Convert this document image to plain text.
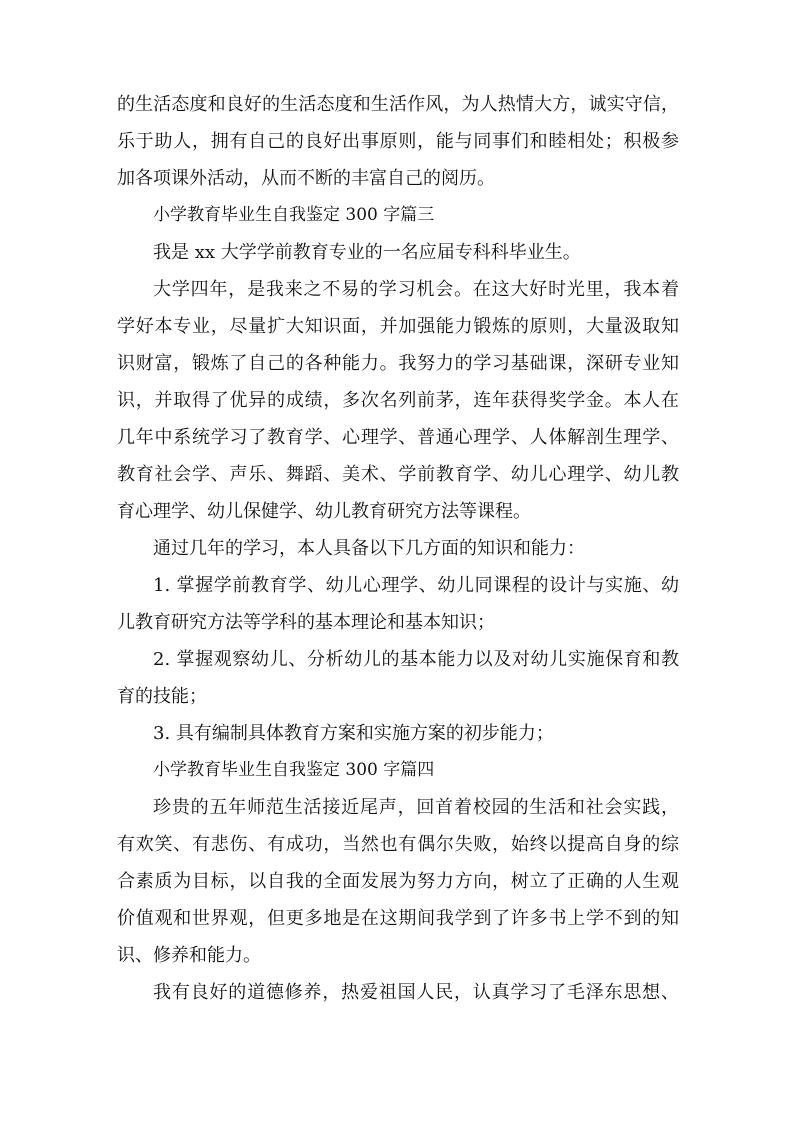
的生活态度和良好的生活态度和生活作风，为人热情大方，诚实守信，
乐于助人，拥有自己的良好出事原则，能与同事们和睦相处；积极参
加各项课外活动，从而不断的丰富自己的阅历。
小学教育毕业生自我鉴定 300 字篇三
我是 xx 大学学前教育专业的一名应届专科科毕业生。
大学四年，是我来之不易的学习机会。在这大好时光里，我本着
学好本专业，尽量扩大知识面，并加强能力锻炼的原则，大量汲取知
识财富，锻炼了自己的各种能力。我努力的学习基础课，深研专业知
识，并取得了优异的成绩，多次名列前茅，连年获得奖学金。本人在
几年中系统学习了教育学、心理学、普通心理学、人体解剖生理学、
教育社会学、声乐、舞蹈、美术、学前教育学、幼儿心理学、幼儿教
育心理学、幼儿保健学、幼儿教育研究方法等课程。
通过几年的学习，本人具备以下几方面的知识和能力：
1. 掌握学前教育学、幼儿心理学、幼儿同课程的设计与实施、幼
儿教育研究方法等学科的基本理论和基本知识；
2. 掌握观察幼儿、分析幼儿的基本能力以及对幼儿实施保育和教
育的技能；
3. 具有编制具体教育方案和实施方案的初步能力；
小学教育毕业生自我鉴定 300 字篇四
珍贵的五年师范生活接近尾声，回首着校园的生活和社会实践，
有欢笑、有悲伤、有成功，当然也有偶尔失败，始终以提高自身的综
合素质为目标，以自我的全面发展为努力方向，树立了正确的人生观
价值观和世界观，但更多地是在这期间我学到了许多书上学不到的知
识、修养和能力。
我有良好的道德修养，热爱祖国人民，认真学习了毛泽东思想、
